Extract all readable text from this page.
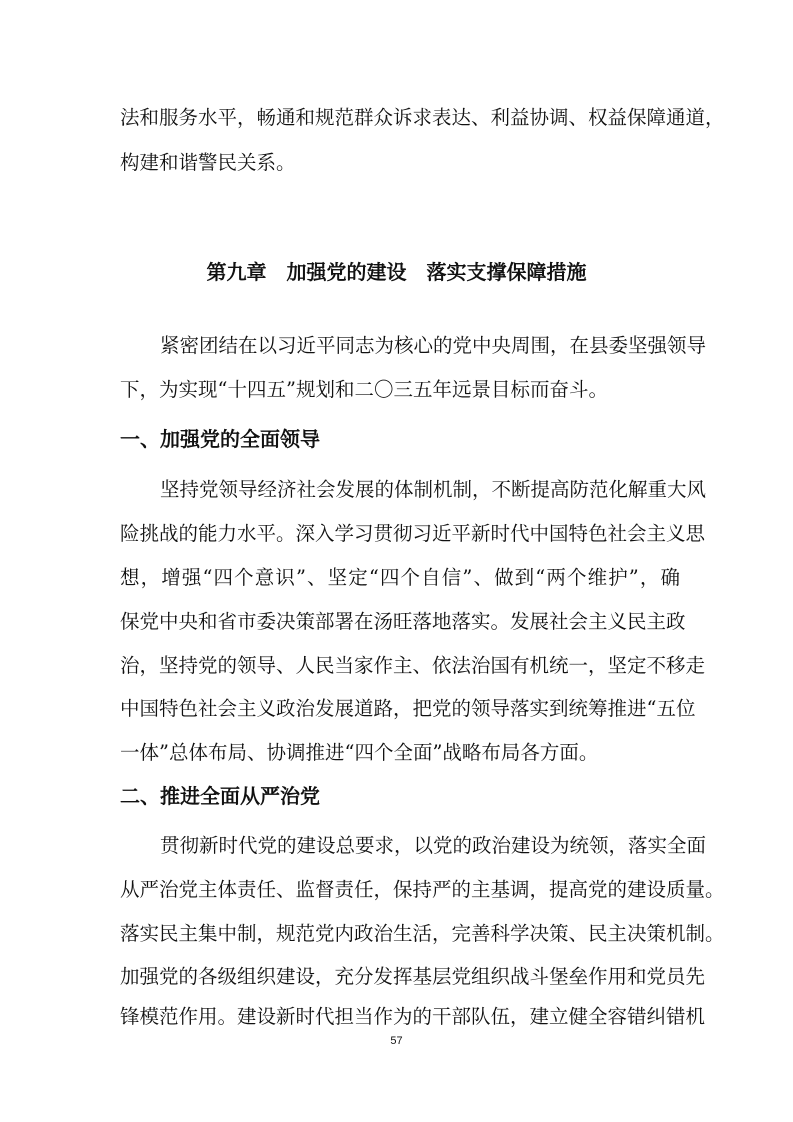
法和服务水平，畅通和规范群众诉求表达、利益协调、权益保障通道，
构建和谐警民关系。
第九章　加强党的建设　落实支撑保障措施
紧密团结在以习近平同志为核心的党中央周围，在县委坚强领导
下，为实现“十四五”规划和二〇三五年远景目标而奋斗。
一、加强党的全面领导
坚持党领导经济社会发展的体制机制，不断提高防范化解重大风
险挑战的能力水平。深入学习贯彻习近平新时代中国特色社会主义思
想，增强“四个意识”、坚定“四个自信”、做到“两个维护”，确
保党中央和省市委决策部署在汤旺落地落实。发展社会主义民主政
治，坚持党的领导、人民当家作主、依法治国有机统一，坚定不移走
中国特色社会主义政治发展道路，把党的领导落实到统筹推进“五位
一体”总体布局、协调推进“四个全面”战略布局各方面。
二、推进全面从严治党
贯彻新时代党的建设总要求，以党的政治建设为统领，落实全面
从严治党主体责任、监督责任，保持严的主基调，提高党的建设质量。
落实民主集中制，规范党内政治生活，完善科学决策、民主决策机制。
加强党的各级组织建设，充分发挥基层党组织战斗堡垒作用和党员先
锋模范作用。建设新时代担当作为的干部队伍，建立健全容错纠错机
57
